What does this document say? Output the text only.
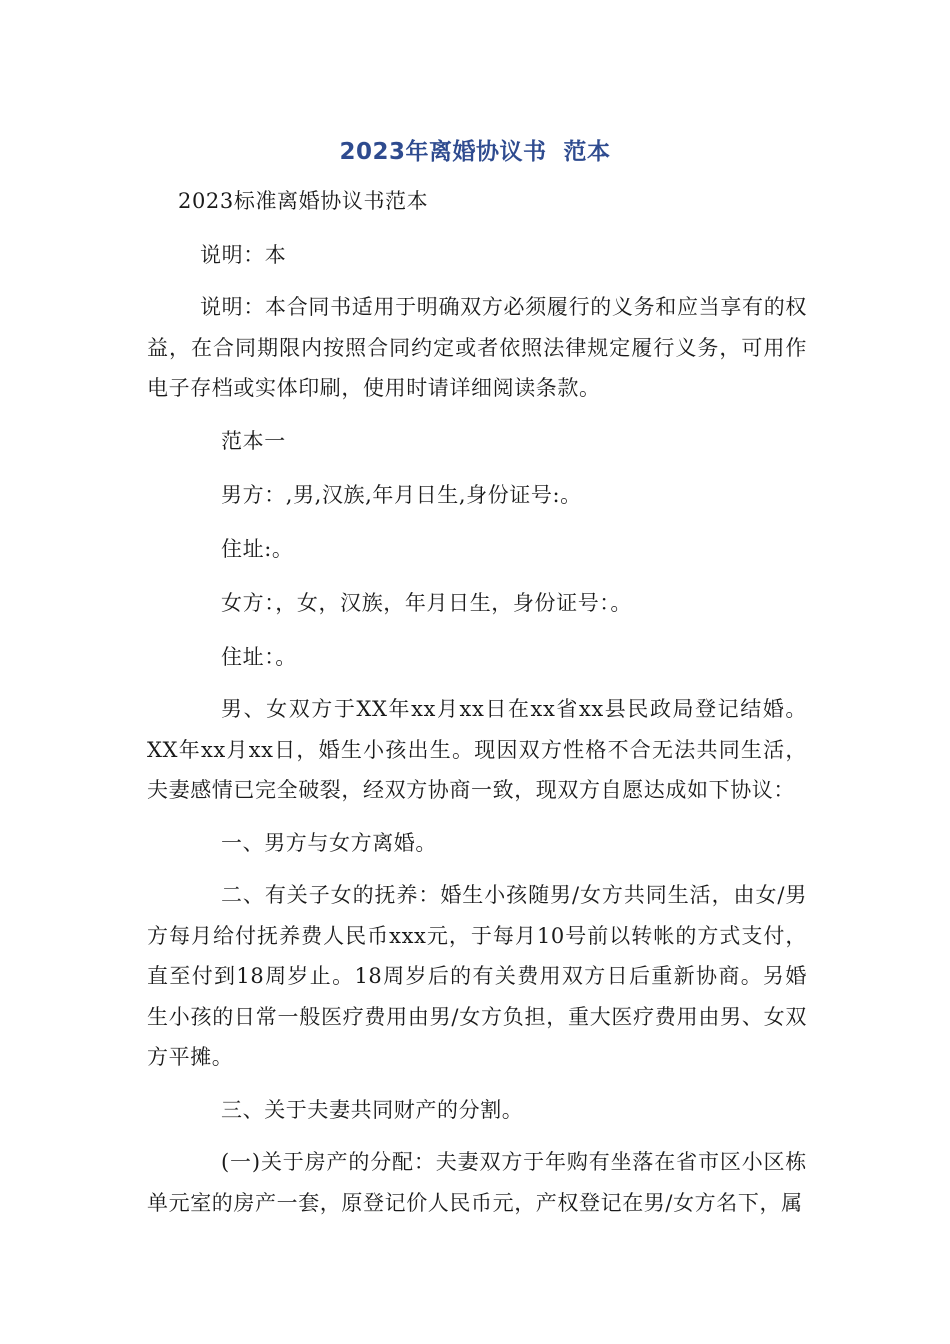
2023年离婚协议书  范本
2023标准离婚协议书范本
说明：本
说明：本合同书适用于明确双方必须履行的义务和应当享有的权益，在合同期限内按照合同约定或者依照法律规定履行义务，可用作电子存档或实体印刷，使用时请详细阅读条款。
范本一
男方：,男,汉族,年月日生,身份证号:。
住址:。
女方：，女，汉族，年月日生，身份证号：。
住址：。
男、女双方于XX年xx月xx日在xx省xx县民政局登记结婚。XX年xx月xx日，婚生小孩出生。现因双方性格不合无法共同生活，夫妻感情已完全破裂，经双方协商一致，现双方自愿达成如下协议：
一、男方与女方离婚。
二、有关子女的抚养：婚生小孩随男/女方共同生活，由女/男方每月给付抚养费人民币xxx元，于每月10号前以转帐的方式支付，直至付到18周岁止。18周岁后的有关费用双方日后重新协商。另婚生小孩的日常一般医疗费用由男/女方负担，重大医疗费用由男、女双方平摊。
三、关于夫妻共同财产的分割。
(一)关于房产的分配：夫妻双方于年购有坐落在省市区小区栋单元室的房产一套，原登记价人民币元，产权登记在男/女方名下，属
